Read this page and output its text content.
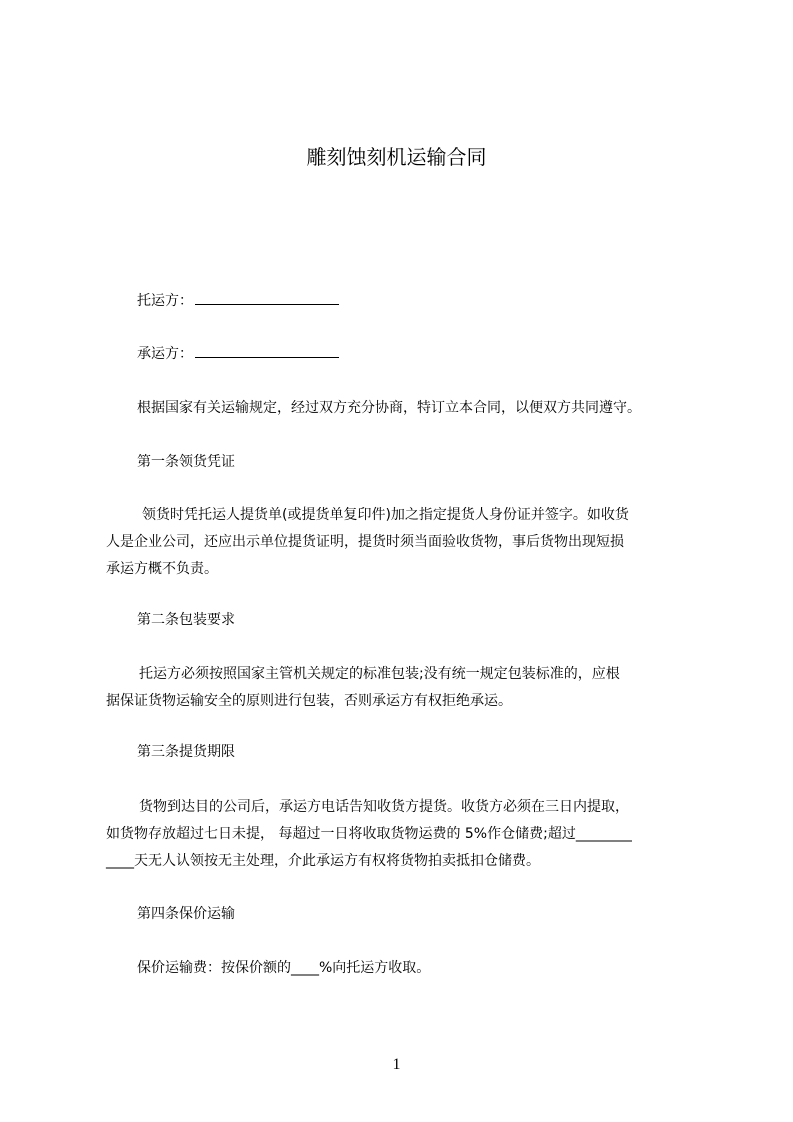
雕刻蚀刻机运输合同
托运方：
承运方：
根据国家有关运输规定，经过双方充分协商，特订立本合同，以便双方共同遵守。
第一条领货凭证
领货时凭托运人提货单(或提货单复印件)加之指定提货人身份证并签字。如收货
人是企业公司，还应出示单位提货证明，提货时须当面验收货物，事后货物出现短损
承运方概不负责。
第二条包装要求
托运方必须按照国家主管机关规定的标准包装;没有统一规定包装标准的，应根
据保证货物运输安全的原则进行包装，否则承运方有权拒绝承运。
第三条提货期限
货物到达目的公司后，承运方电话告知收货方提货。收货方必须在三日内提取，
如货物存放超过七日未提， 每超过一日将收取货物运费的 5%作仓储费;超过________
____天无人认领按无主处理，介此承运方有权将货物拍卖抵扣仓储费。
第四条保价运输
保价运输费：按保价额的____%向托运方收取。
1
